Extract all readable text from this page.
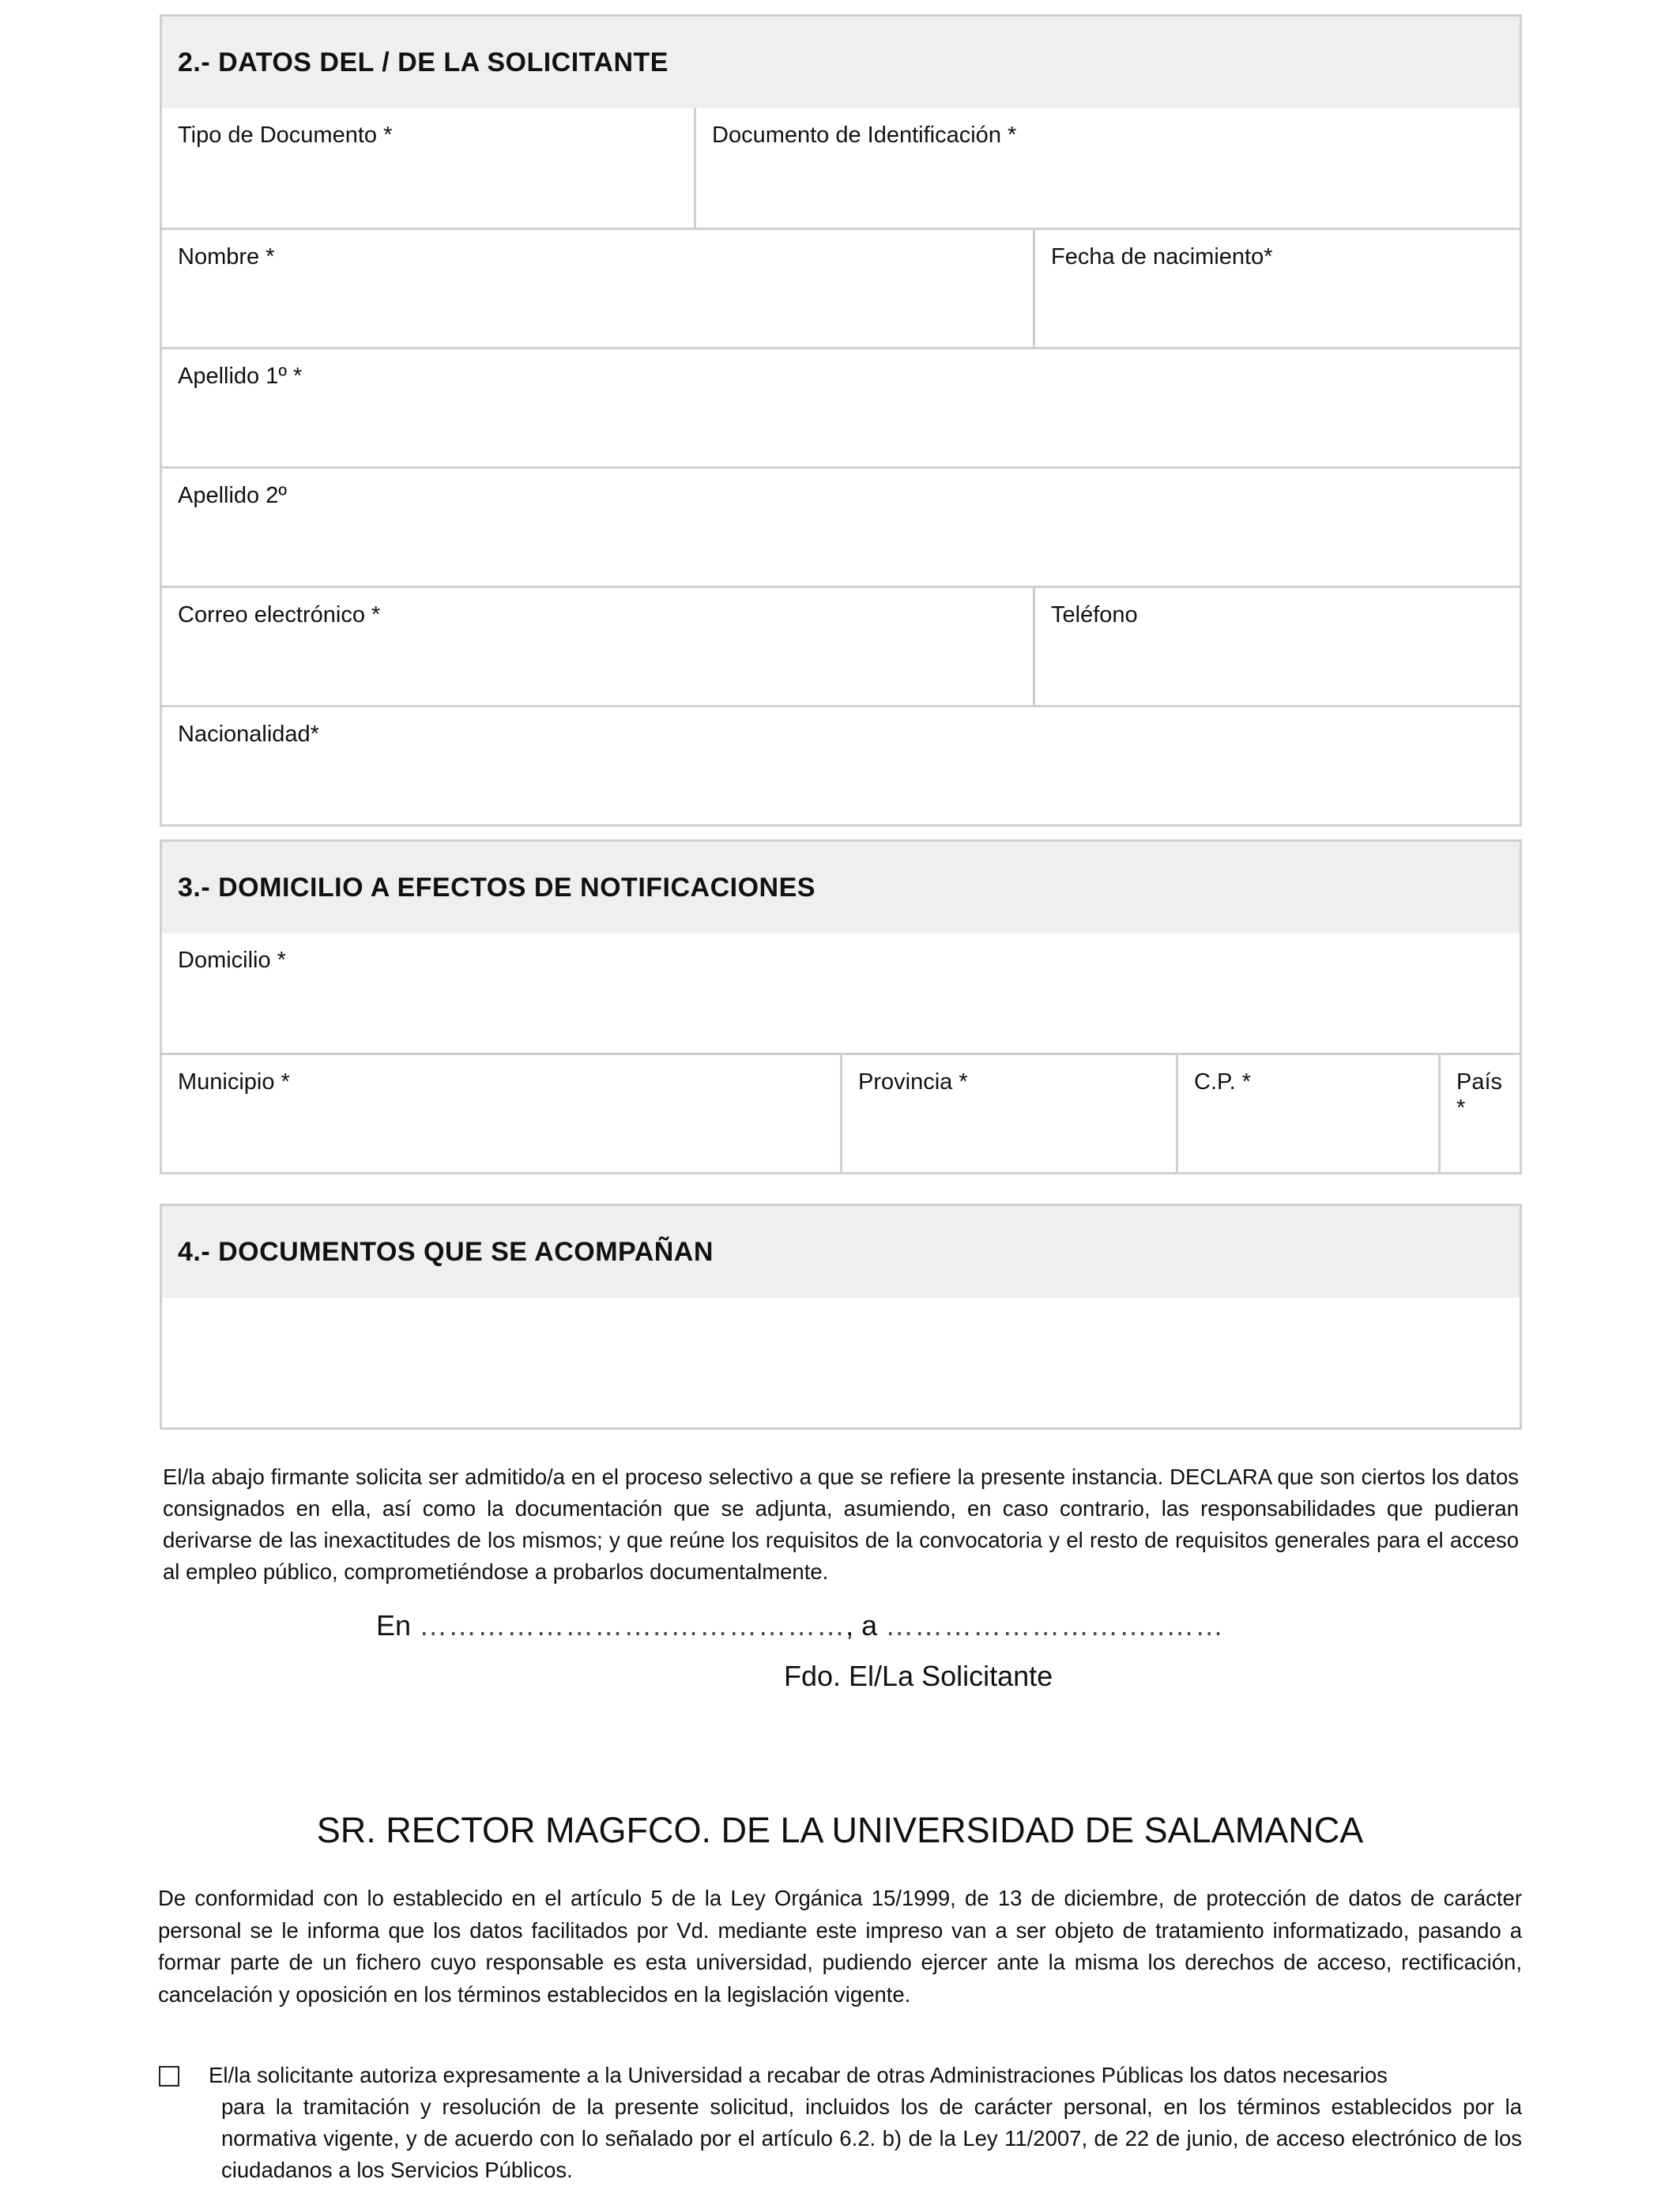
2.- DATOS DEL / DE LA SOLICITANTE
Tipo de Documento *	Documento de Identificación *
Nombre *	Fecha de nacimiento*
Apellido 1º *
Apellido 2º
Correo electrónico *	Teléfono
Nacionalidad*
3.- DOMICILIO A EFECTOS DE NOTIFICACIONES
Domicilio *
Municipio *	Provincia *	C.P. *	País *
4.- DOCUMENTOS QUE SE ACOMPAÑAN

El/la abajo firmante solicita ser admitido/a en el proceso selectivo a que se refiere la presente instancia. DECLARA que son ciertos los datos consignados en ella, así como la documentación que se adjunta, asumiendo, en caso contrario, las responsabilidades que pudieran derivarse de las inexactitudes de los mismos; y que reúne los requisitos de la convocatoria y el resto de requisitos generales para el acceso al empleo público, comprometiéndose a probarlos documentalmente.

En ……………………..………………, a ………………………..……
Fdo. El/La Solicitante
SR. RECTOR MAGFCO. DE LA UNIVERSIDAD DE SALAMANCA

De conformidad con lo establecido en el artículo 5 de la Ley Orgánica 15/1999, de 13 de diciembre, de protección de datos de carácter personal se le informa que los datos facilitados por Vd. mediante este impreso van a ser objeto de tratamiento informatizado, pasando a formar parte de un fichero cuyo responsable es esta universidad, pudiendo ejercer ante la misma los derechos de acceso, rectificación, cancelación y oposición en los términos establecidos en la legislación vigente.

El/la solicitante autoriza expresamente a la Universidad a recabar de otras Administraciones Públicas los datos necesarios
para la tramitación y resolución de la presente solicitud, incluidos los de carácter personal, en los términos establecidos por la normativa vigente, y de acuerdo con lo señalado por el artículo 6.2. b) de la Ley 11/2007, de 22 de junio, de acceso electrónico de los ciudadanos a los Servicios Públicos.
